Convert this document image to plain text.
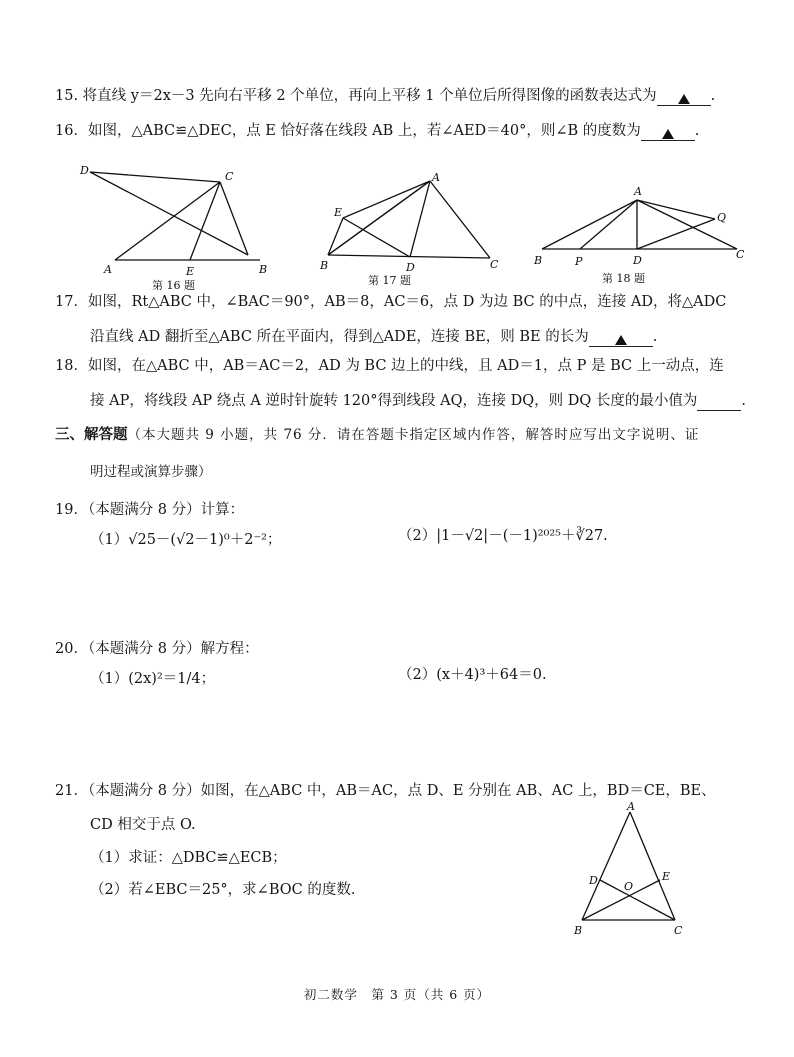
15. 将直线 y＝2x－3 先向右平移 2 个单位，再向上平移 1 个单位后所得图像的函数表达式为	.
16．如图，△ABC≌△DEC，点 E 恰好落在线段 AB 上，若∠AED＝40°，则∠B 的度数为	.
D	C
A	E	B
第 16 题
A
E
B	D	C
第 17 题
A
Q
B	P	D	C
第 18 题
17．如图，Rt△ABC 中，∠BAC＝90°，AB＝8，AC＝6，点 D 为边 BC 的中点，连接 AD，将△ADC
沿直线 AD 翻折至△ABC 所在平面内，得到△ADE，连接 BE，则 BE 的长为	.
18．如图，在△ABC 中，AB＝AC＝2，AD 为 BC 边上的中线，且 AD＝1，点 P 是 BC 上一动点，连
接 AP，将线段 AP 绕点 A 逆时针旋转 120°得到线段 AQ，连接 DQ，则 DQ 长度的最小值为	.
三、解答题（本大题共 9 小题，共 76 分．请在答题卡指定区域内作答，解答时应写出文字说明、证
明过程或演算步骤）
19．（本题满分 8 分）计算：
（1）√25－(√2－1)⁰＋2⁻²；	（2）|1－√2|－(－1)²⁰²⁵＋∛27.
20．（本题满分 8 分）解方程：
（1）(2x)²＝1/4；	（2）(x＋4)³＋64＝0.
21．（本题满分 8 分）如图，在△ABC 中，AB＝AC，点 D、E 分别在 AB、AC 上，BD＝CE，BE、
CD 相交于点 O.
（1）求证：△DBC≌△ECB；
（2）若∠EBC＝25°，求∠BOC 的度数.
A
D O
E
B	C
初二数学　第 3 页（共 6 页）
